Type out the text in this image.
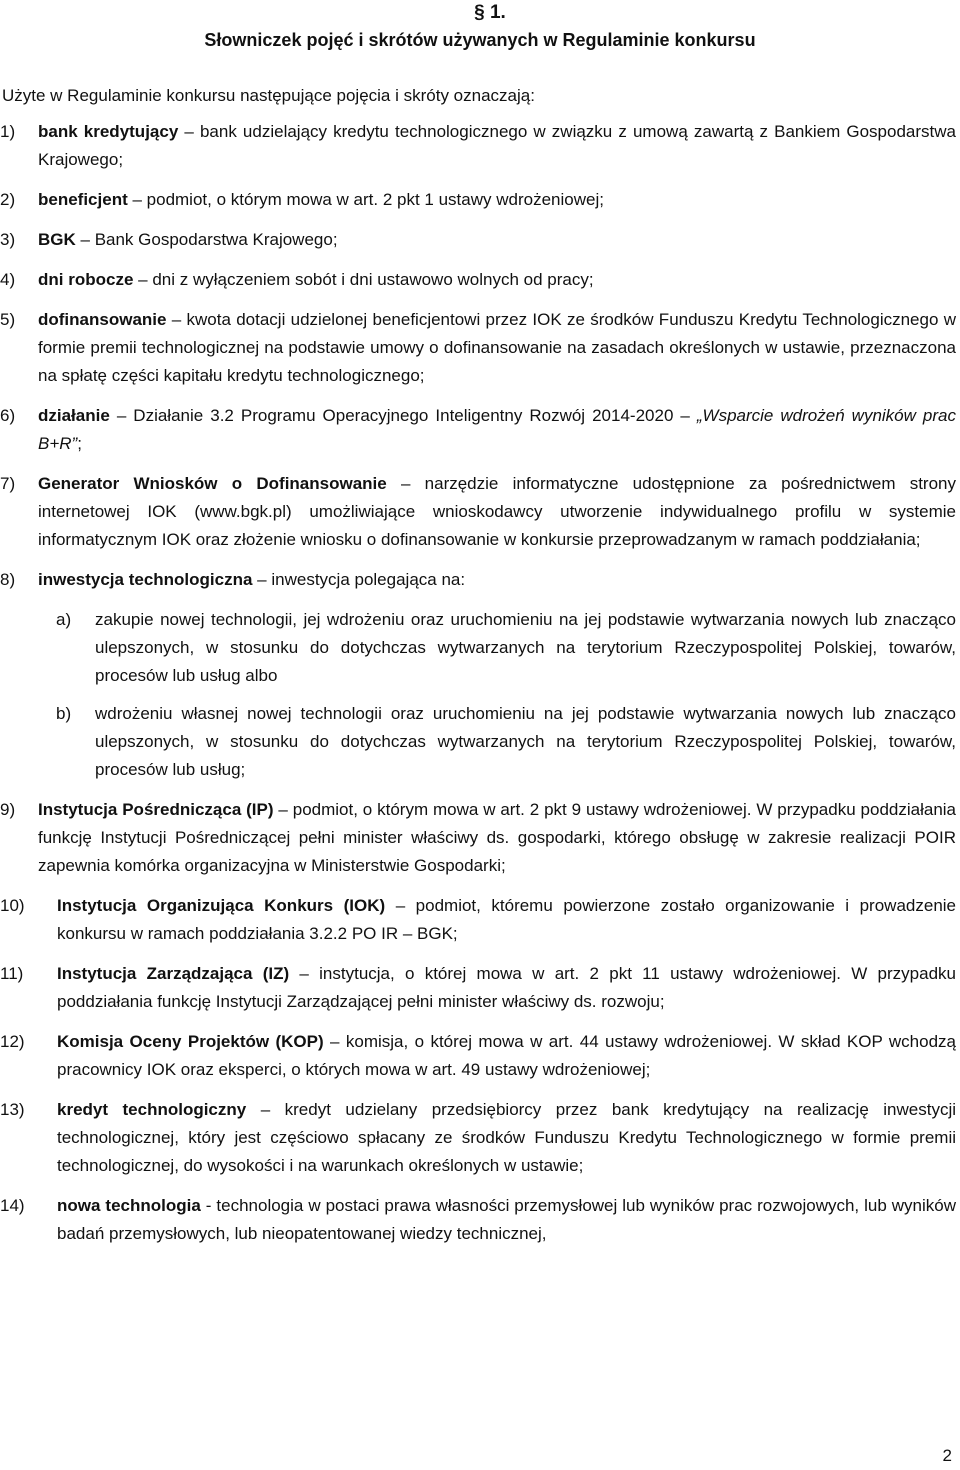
§ 1.
Słowniczek pojęć i skrótów używanych w Regulaminie konkursu
Użyte w Regulaminie konkursu następujące pojęcia i skróty oznaczają:
1)	bank kredytujący – bank udzielający kredytu technologicznego w związku z umową zawartą z Bankiem Gospodarstwa Krajowego;
2)	beneficjent – podmiot, o którym mowa w art. 2 pkt 1 ustawy wdrożeniowej;
3)	BGK – Bank Gospodarstwa Krajowego;
4)	dni robocze – dni z wyłączeniem sobót i dni ustawowo wolnych od pracy;
5)	dofinansowanie – kwota dotacji udzielonej beneficjentowi przez IOK ze środków Funduszu Kredytu Technologicznego w formie premii technologicznej na podstawie umowy o dofinansowanie na zasadach określonych w ustawie, przeznaczona na spłatę części kapitału kredytu technologicznego;
6)	działanie – Działanie 3.2 Programu Operacyjnego Inteligentny Rozwój 2014-2020 – „Wsparcie wdrożeń wyników prac B+R”;
7)	Generator Wniosków o Dofinansowanie – narzędzie informatyczne udostępnione za pośrednictwem strony internetowej IOK (www.bgk.pl) umożliwiające wnioskodawcy utworzenie indywidualnego profilu w systemie informatycznym IOK oraz złożenie wniosku o dofinansowanie w konkursie przeprowadzanym w ramach poddziałania;
8)	inwestycja technologiczna – inwestycja polegająca na:
a) zakupie nowej technologii, jej wdrożeniu oraz uruchomieniu na jej podstawie wytwarzania nowych lub znacząco ulepszonych, w stosunku do dotychczas wytwarzanych na terytorium Rzeczypospolitej Polskiej, towarów, procesów lub usług albo
b) wdrożeniu własnej nowej technologii oraz uruchomieniu na jej podstawie wytwarzania nowych lub znacząco ulepszonych, w stosunku do dotychczas wytwarzanych na terytorium Rzeczypospolitej Polskiej, towarów, procesów lub usług;
9)	Instytucja Pośrednicząca (IP) – podmiot, o którym mowa w art. 2 pkt 9 ustawy wdrożeniowej. W przypadku poddziałania funkcję Instytucji Pośredniczącej pełni minister właściwy ds. gospodarki, którego obsługę w zakresie realizacji POIR zapewnia komórka organizacyjna w Ministerstwie Gospodarki;
10)	Instytucja Organizująca Konkurs (IOK) – podmiot, któremu powierzone zostało organizowanie i prowadzenie konkursu w ramach poddziałania 3.2.2 PO IR – BGK;
11)	Instytucja Zarządzająca (IZ) – instytucja, o której mowa w art. 2 pkt 11 ustawy wdrożeniowej. W przypadku poddziałania funkcję Instytucji Zarządzającej pełni minister właściwy ds. rozwoju;
12)	Komisja Oceny Projektów (KOP) – komisja, o której mowa w art. 44 ustawy wdrożeniowej. W skład KOP wchodzą pracownicy IOK oraz eksperci, o których mowa w art. 49 ustawy wdrożeniowej;
13)	kredyt technologiczny – kredyt udzielany przedsiębiorcy przez bank kredytujący na realizację inwestycji technologicznej, który jest częściowo spłacany ze środków Funduszu Kredytu Technologicznego w formie premii technologicznej, do wysokości i na warunkach określonych w ustawie;
14)	nowa technologia - technologia w postaci prawa własności przemysłowej lub wyników prac rozwojowych, lub wyników badań przemysłowych, lub nieopatentowanej wiedzy technicznej,
2
